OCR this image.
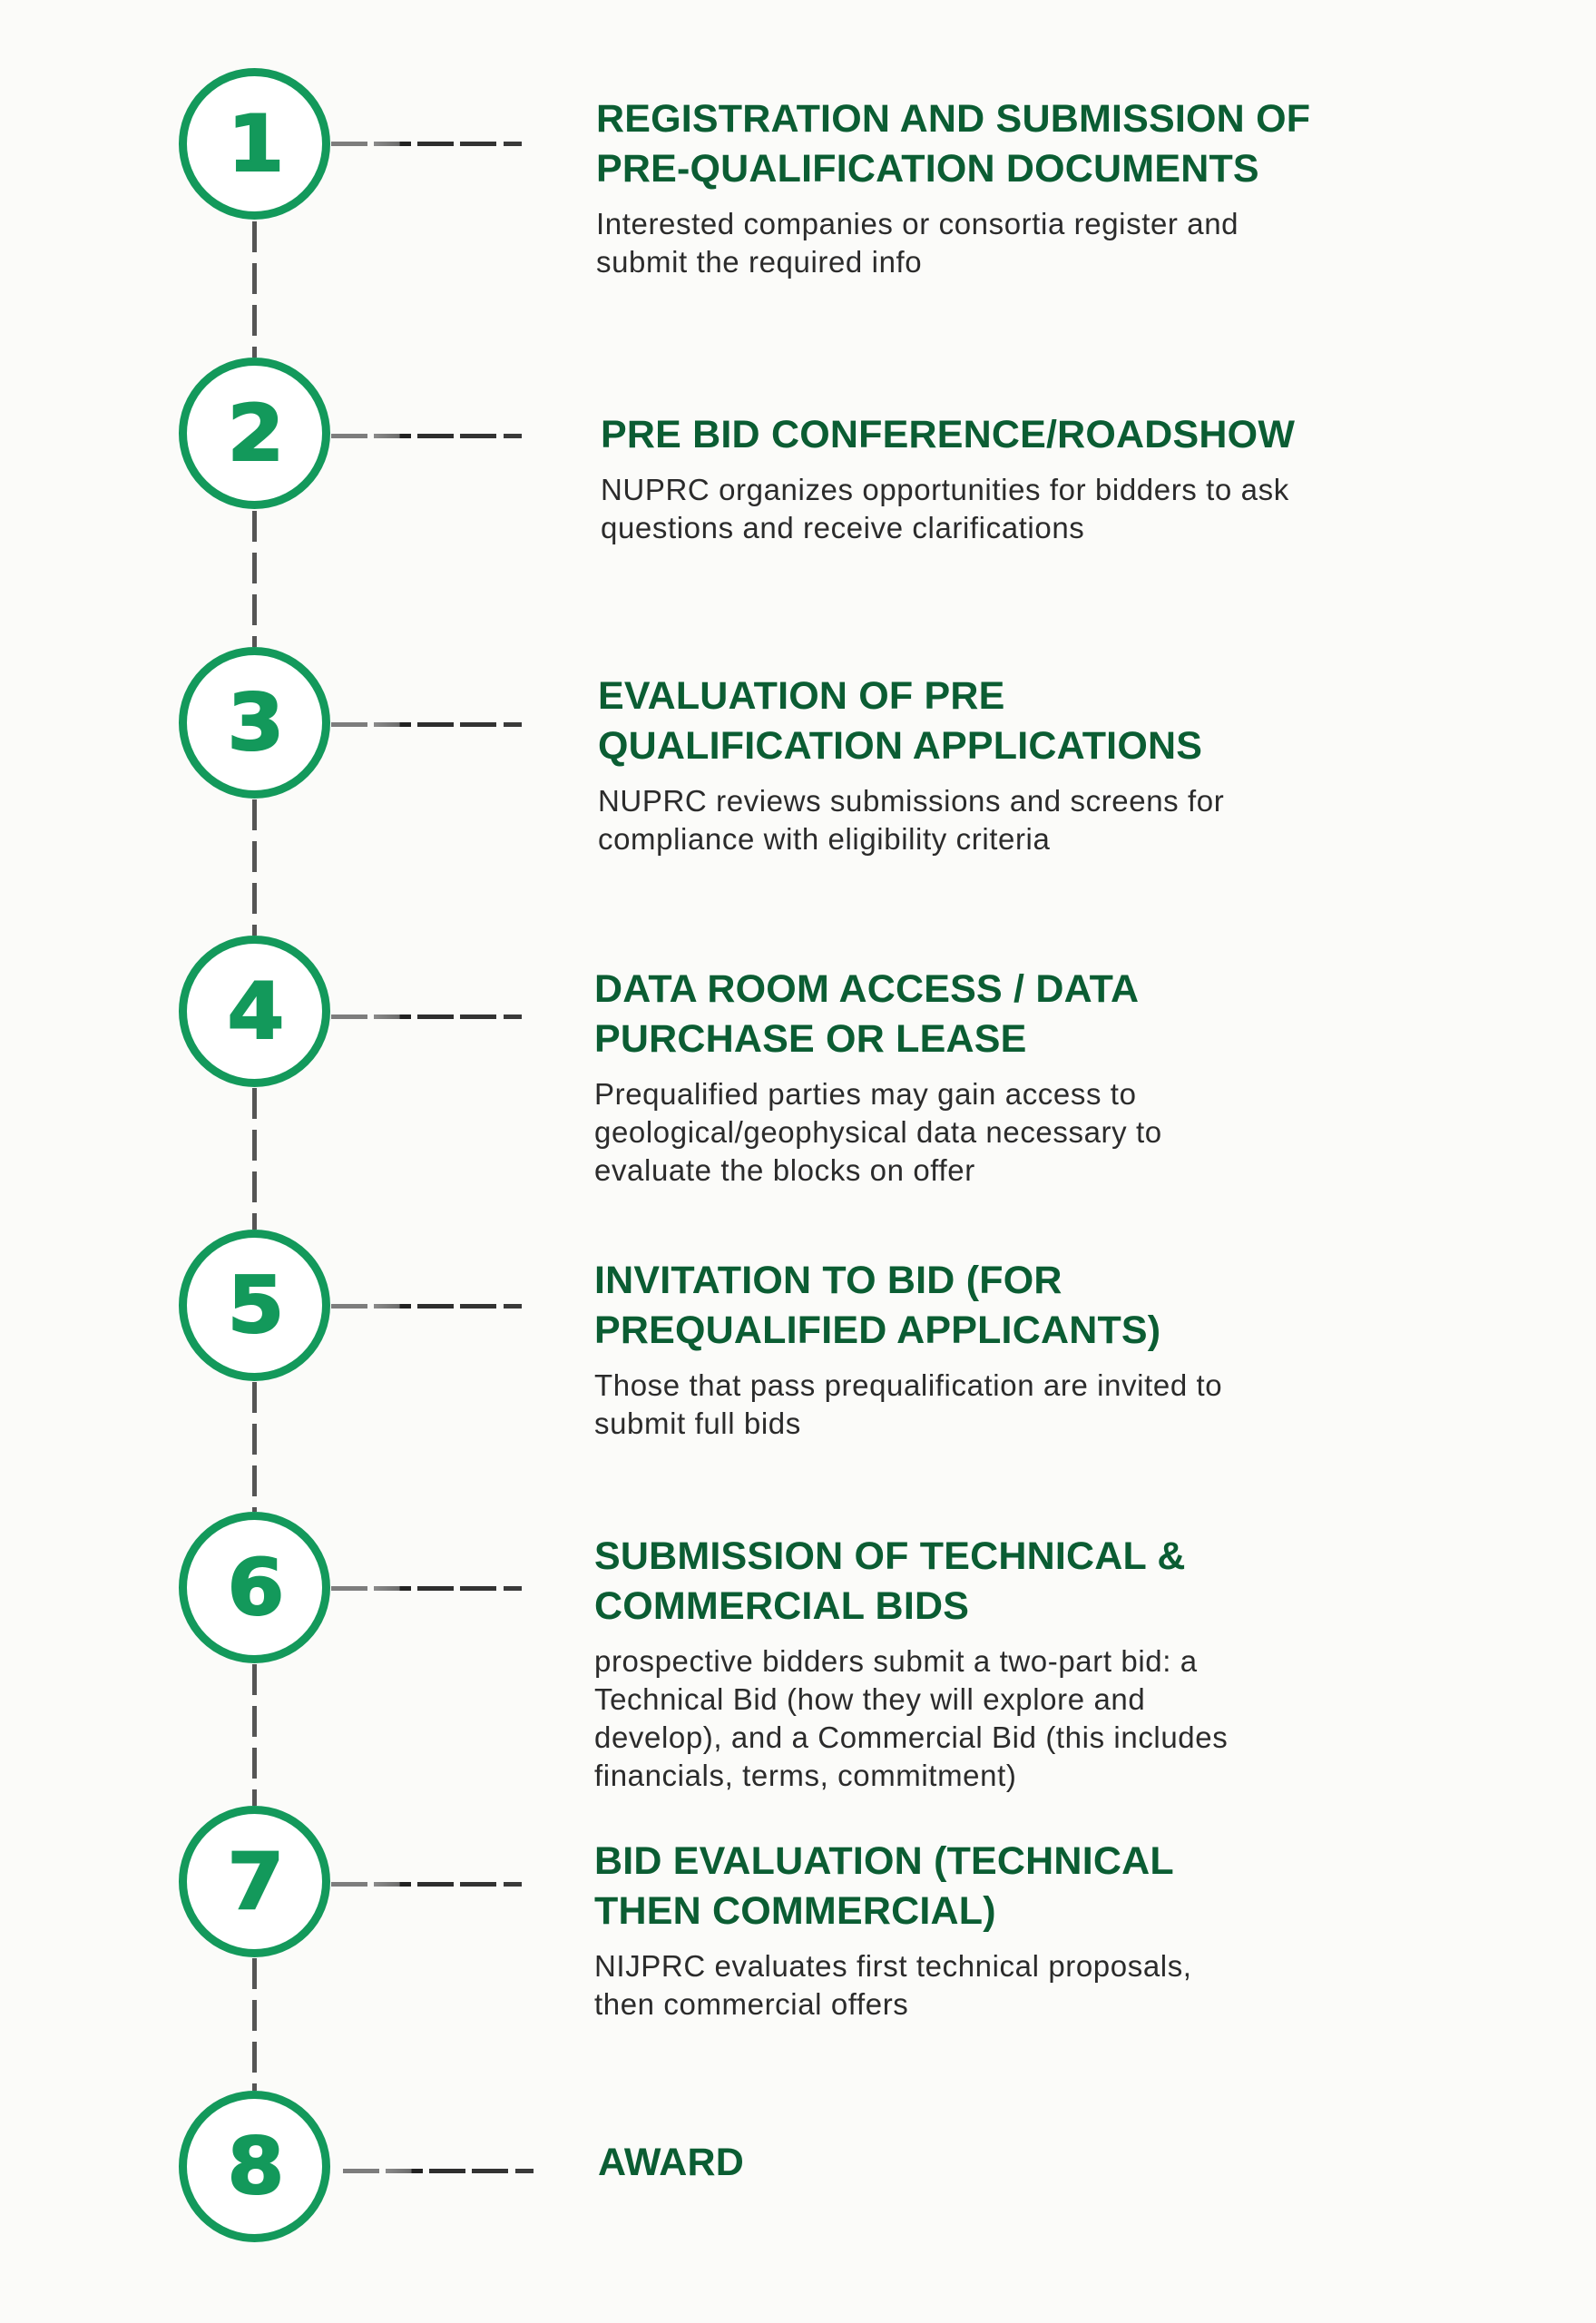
1	REGISTRATION AND SUBMISSION OF
PRE-QUALIFICATION DOCUMENTS

Interested companies or consortia register and
submit the required info

2	PRE BID CONFERENCE/ROADSHOW

NUPRC organizes opportunities for bidders to ask
questions and receive clarifications

3	EVALUATION OF PRE
QUALIFICATION APPLICATIONS

NUPRC reviews submissions and screens for
compliance with eligibility criteria

4	DATA ROOM ACCESS / DATA
PURCHASE OR LEASE

Prequalified parties may gain access to
geological/geophysical data necessary to
evaluate the blocks on offer

5	INVITATION TO BID (FOR
PREQUALIFIED APPLICANTS)

Those that pass prequalification are invited to
submit full bids

6	SUBMISSION OF TECHNICAL &
COMMERCIAL BIDS

prospective bidders submit a two-part bid: a
Technical Bid (how they will explore and
develop), and a Commercial Bid (this includes
financials, terms, commitment)

7	BID EVALUATION (TECHNICAL
THEN COMMERCIAL)

NIJPRC evaluates first technical proposals,
then commercial offers

8	AWARD
